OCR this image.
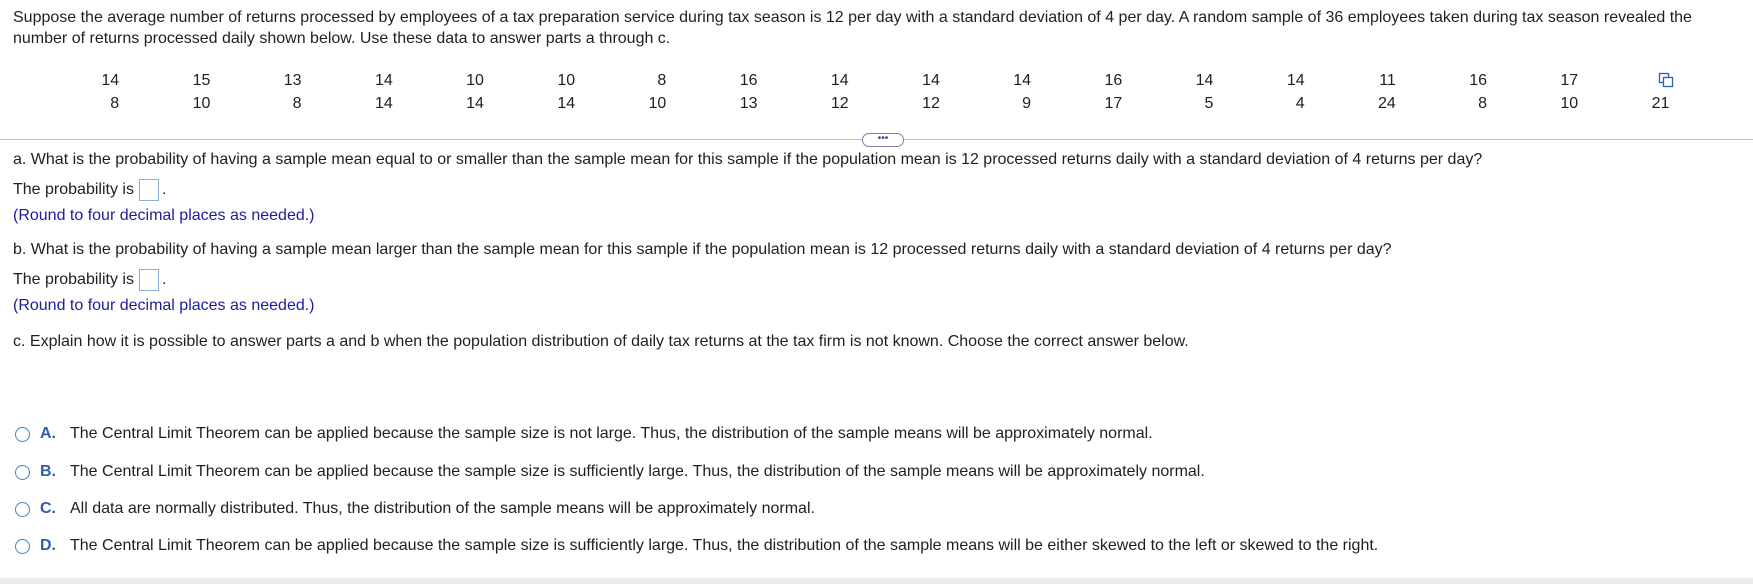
Suppose the average number of returns processed by employees of a tax preparation service during tax season is 12 per day with a standard deviation of 4 per day. A random sample of 36 employees taken during tax season revealed the number of returns processed daily shown below. Use these data to answer parts a through c.
14	15	13	14	10	10	8	16	14	14	14	16	14	14	11	16	17
8	10	8	14	14	14	10	13	12	12	9	17	5	4	24	8	10	21
•••
a. What is the probability of having a sample mean equal to or smaller than the sample mean for this sample if the population mean is 12 processed returns daily with a standard deviation of 4 returns per day?
The probability is .
(Round to four decimal places as needed.)
b. What is the probability of having a sample mean larger than the sample mean for this sample if the population mean is 12 processed returns daily with a standard deviation of 4 returns per day?
The probability is .
(Round to four decimal places as needed.)
c. Explain how it is possible to answer parts a and b when the population distribution of daily tax returns at the tax firm is not known. Choose the correct answer below.
A. The Central Limit Theorem can be applied because the sample size is not large. Thus, the distribution of the sample means will be approximately normal.
B. The Central Limit Theorem can be applied because the sample size is sufficiently large. Thus, the distribution of the sample means will be approximately normal.
C. All data are normally distributed. Thus, the distribution of the sample means will be approximately normal.
D. The Central Limit Theorem can be applied because the sample size is sufficiently large. Thus, the distribution of the sample means will be either skewed to the left or skewed to the right.
